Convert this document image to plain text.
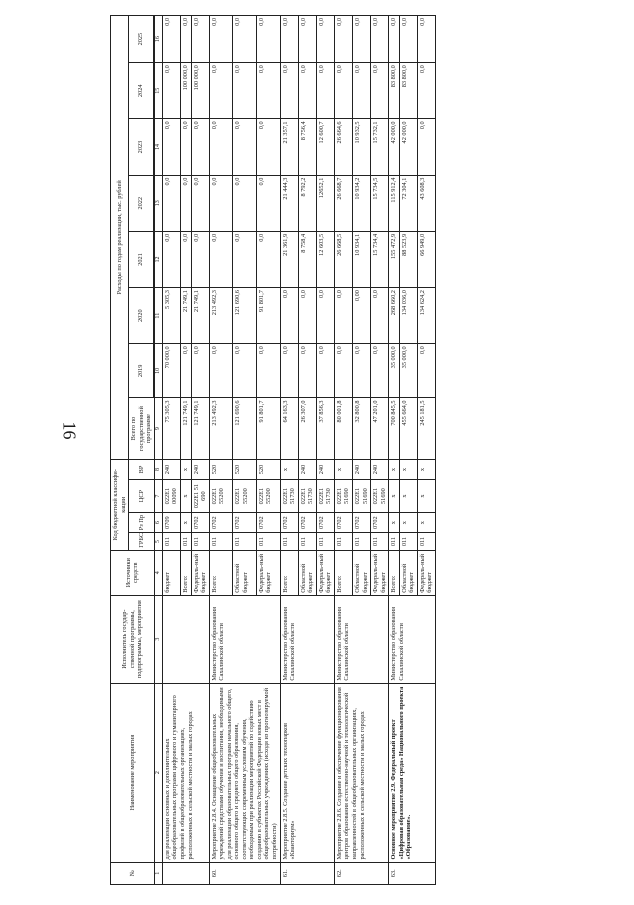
16
№	Наименование мероприятия	Исполнитель государ-ственной программы, подпрограммы, мероприятия	Источники средств	Код бюджетной классифи-кации				Расходы по годам реализации, тыс. рублей							
				ГРБС	Рз Пр	ЦСР	ВР	Всего по государственной программе	2019	2020	2021	2022	2023	2024	2025

1	2	3	4	5	6	7	8	9	10	11	12	13	14	15	16
	для реализации основных и дополнительных общеобразовательных программ цифрового и гуманитарного профилей в общеобразовательных организациях, расположенных в сельской местности и малых городах		бюджет	011	0709	022E1 00090	240	75 305,3	70 000,0	5 305,3	0,0	0,0	0,0	0,0	0,0
			Всего:	011	x	x	x	121 749,1	0,0	21 749,1	0,0	0,0	0,0	100 000,0	0,0
			Федераль-ный бюджет	011	0702	022E1 51 690	240	121 749,1	0,0	21 749,1	0,0	0,0	0,0	100 000,0	0,0
60.	Мероприятие 2.8.4. Оснащение общеобразовательных учреждений средствами обучения и воспитания, необходимыми для реализации образовательных программ начального общего, основного общего и среднего общего образования, соответствующих современным условиям обучения, необходимым при реализации мероприятий по содействию созданию в субъектах Российской Федерации новых мест в общеобразовательных учреждениях (исходя из прогнозируемой потребности)	Министерство образования Сахалинской области	Всего:	011	0702	022E1 55200	520	213 492,3	0,0	213 492,3	0,0	0,0	0,0	0,0	0,0
			Областной бюджет	011	0702	022E1 55200	520	121 690,6	0,0	121 690,6	0,0	0,0	0,0	0,0	0,0
			Федераль-ный бюджет	011	0702	022E1 55200	520	91 801,7	0,0	91 801,7	0,0	0,0	0,0	0,0	0,0
61.	Мероприятие 2.8.5. Создание детских технопарков «Кванториум»	Министерство образования Сахалинской области	Всего:	011	0702	022E1 51730	x	64 163,3	0,0	0,0	21 361,9	21 444,3	21 357,1	0,0	0,0
			Областной бюджет	011	0702	022E1 51730	240	26 307,0	0,0	0,0	8 758,4	8 792,2	8 756,4	0,0	0,0
			Федераль-ный бюджет	011	0702	022E1 51730	240	37 856,3	0,0	0,0	12 603,5	12652,1	12 600,7	0,0	0,0
62.	Мероприятие 2.8.6. Создание и обеспечение функционирования центров образования естественно-научной и технологической направленностей в общеобразовательных организациях, расположенных в сельской местности и малых городах	Министерство образования Сахалинской области	Всего:	011	0702	022E1 51690	x	80 001,8	0,0	0,0	26 668,5	26 668,7	26 664,6	0,0	0,0
			Областной бюджет	011	0702	022E1 51690	240	32 800,8	0,0	0,00	10 934,1	10 934,2	10 932,5	0,0	0,0
			Федераль-ный бюджет	011	0702	022E1 51690	240	47 201,0	0,0	0,0	15 734,4	15 734,5	15 732,1	0,0	0,0
63.	Основное мероприятие 2.9. Федеральный проект «Цифровая образовательная среда» Национального проекта «Образование».	Министерство образования Сахалинской области	Всего:	011	x	x	x	700 845,5	35 000,0	268 660,2	155 472,9	115 912,4	42 000,0	83 800,0	0,0
			Областной бюджет	011	x	x	x	455 664,0	35 000,0	134 036,0	88 523,9	72 304,1	42 000,0	83 800,0	0,0
			Федераль-ный бюджет	011	x	x	x	245 181,5	0,0	134 624,2	66 949,0	43 608,3	0,0	0,0	0,0
